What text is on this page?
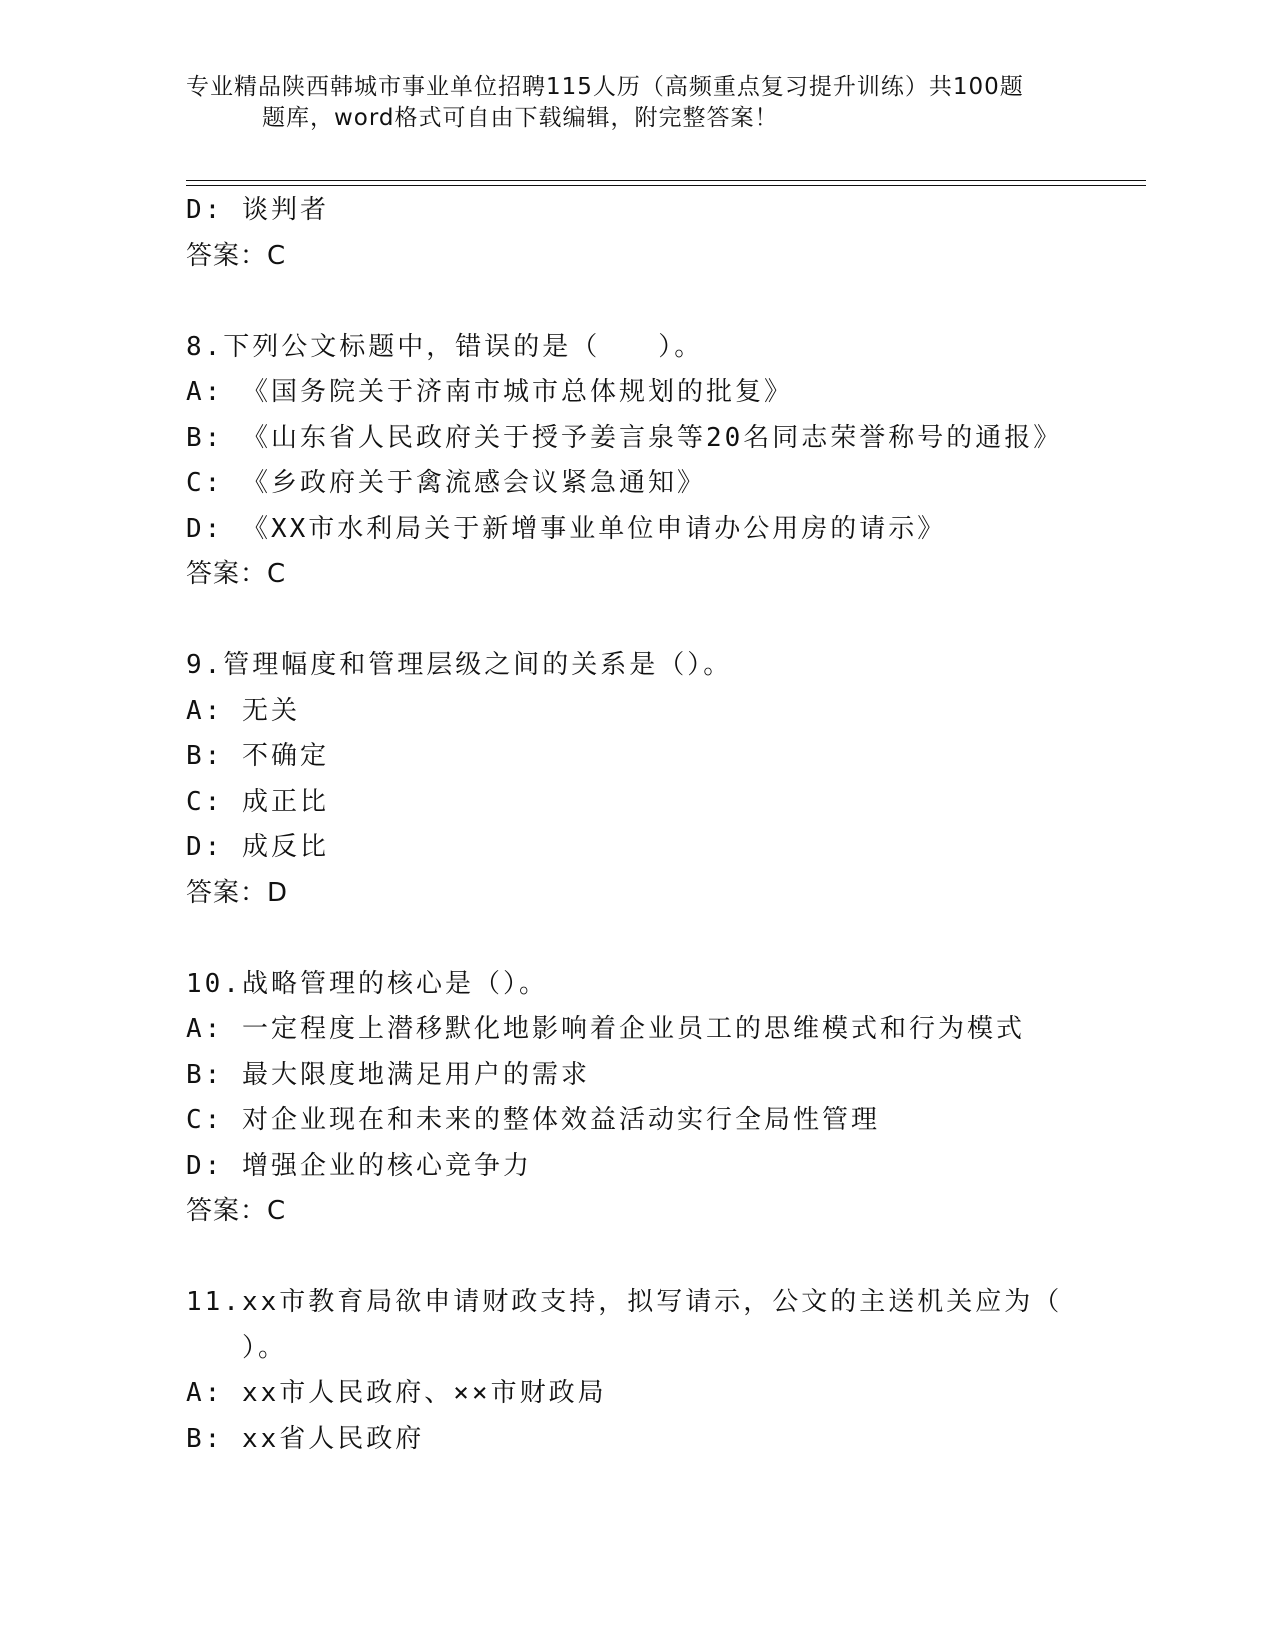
专业精品陕西韩城市事业单位招聘115人历（高频重点复习提升训练）共100题
题库，word格式可自由下载编辑，附完整答案！
D: 谈判者
答案：C
8.下列公文标题中，错误的是（　　）。
A: 《国务院关于济南市城市总体规划的批复》
B: 《山东省人民政府关于授予姜言泉等20名同志荣誉称号的通报》
C: 《乡政府关于禽流感会议紧急通知》
D: 《XX市水利局关于新增事业单位申请办公用房的请示》
答案：C
9.管理幅度和管理层级之间的关系是（）。
A: 无关
B: 不确定
C: 成正比
D: 成反比
答案：D
10.战略管理的核心是（）。
A: 一定程度上潜移默化地影响着企业员工的思维模式和行为模式
B: 最大限度地满足用户的需求
C: 对企业现在和未来的整体效益活动实行全局性管理
D: 增强企业的核心竞争力
答案：C
11.xx市教育局欲申请财政支持，拟写请示，公文的主送机关应为（
）。
A: xx市人民政府、××市财政局
B: xx省人民政府
